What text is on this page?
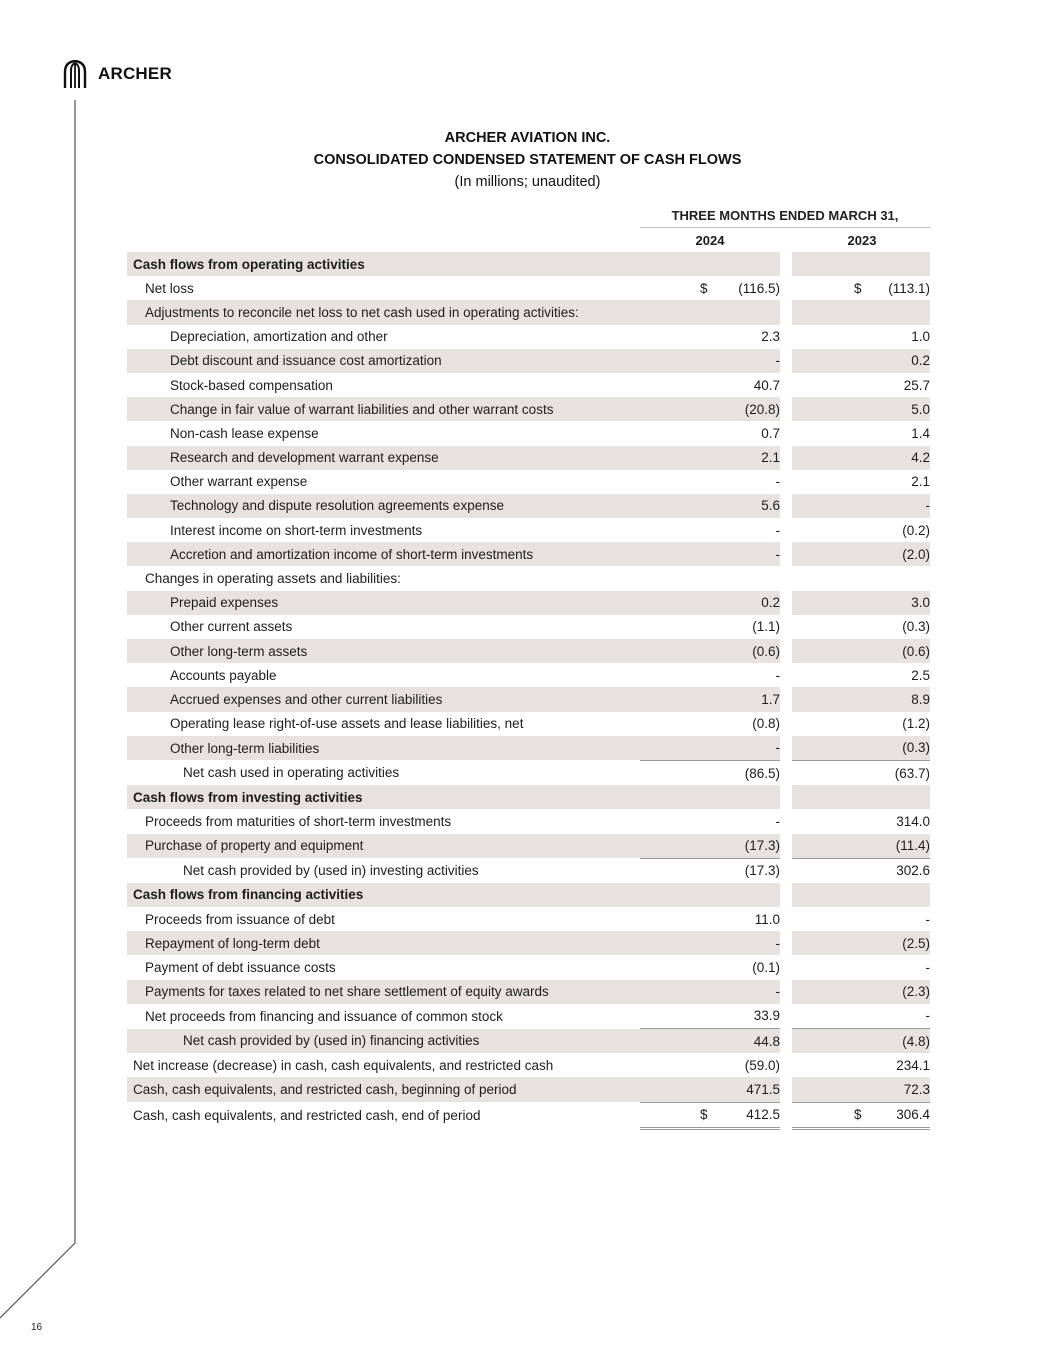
ARCHER
ARCHER AVIATION INC.
CONSOLIDATED CONDENSED STATEMENT OF CASH FLOWS
(In millions; unaudited)
THREE MONTHS ENDED MARCH 31,
2024	2023
Cash flows from operating activities			
Net loss	$ (116.5)		$ (113.1)
Adjustments to reconcile net loss to net cash used in operating activities:			
Depreciation, amortization and other	2.3		1.0
Debt discount and issuance cost amortization	-		0.2
Stock-based compensation	40.7		25.7
Change in fair value of warrant liabilities and other warrant costs	(20.8)		5.0
Non-cash lease expense	0.7		1.4
Research and development warrant expense	2.1		4.2
Other warrant expense	-		2.1
Technology and dispute resolution agreements expense	5.6		-
Interest income on short-term investments	-		(0.2)
Accretion and amortization income of short-term investments	-		(2.0)
Changes in operating assets and liabilities:			
Prepaid expenses	0.2		3.0
Other current assets	(1.1)		(0.3)
Other long-term assets	(0.6)		(0.6)
Accounts payable	-		2.5
Accrued expenses and other current liabilities	1.7		8.9
Operating lease right-of-use assets and lease liabilities, net	(0.8)		(1.2)
Other long-term liabilities	-		(0.3)
Net cash used in operating activities	(86.5)		(63.7)
Cash flows from investing activities			
Proceeds from maturities of short-term investments	-		314.0
Purchase of property and equipment	(17.3)		(11.4)
Net cash provided by (used in) investing activities	(17.3)		302.6
Cash flows from financing activities			
Proceeds from issuance of debt	11.0		-
Repayment of long-term debt	-		(2.5)
Payment of debt issuance costs	(0.1)		-
Payments for taxes related to net share settlement of equity awards	-		(2.3)
Net proceeds from financing and issuance of common stock	33.9		-
Net cash provided by (used in) financing activities	44.8		(4.8)
Net increase (decrease) in cash, cash equivalents, and restricted cash	(59.0)		234.1
Cash, cash equivalents, and restricted cash, beginning of period	471.5		72.3
Cash, cash equivalents, and restricted cash, end of period	$ 412.5		$ 306.4
16
